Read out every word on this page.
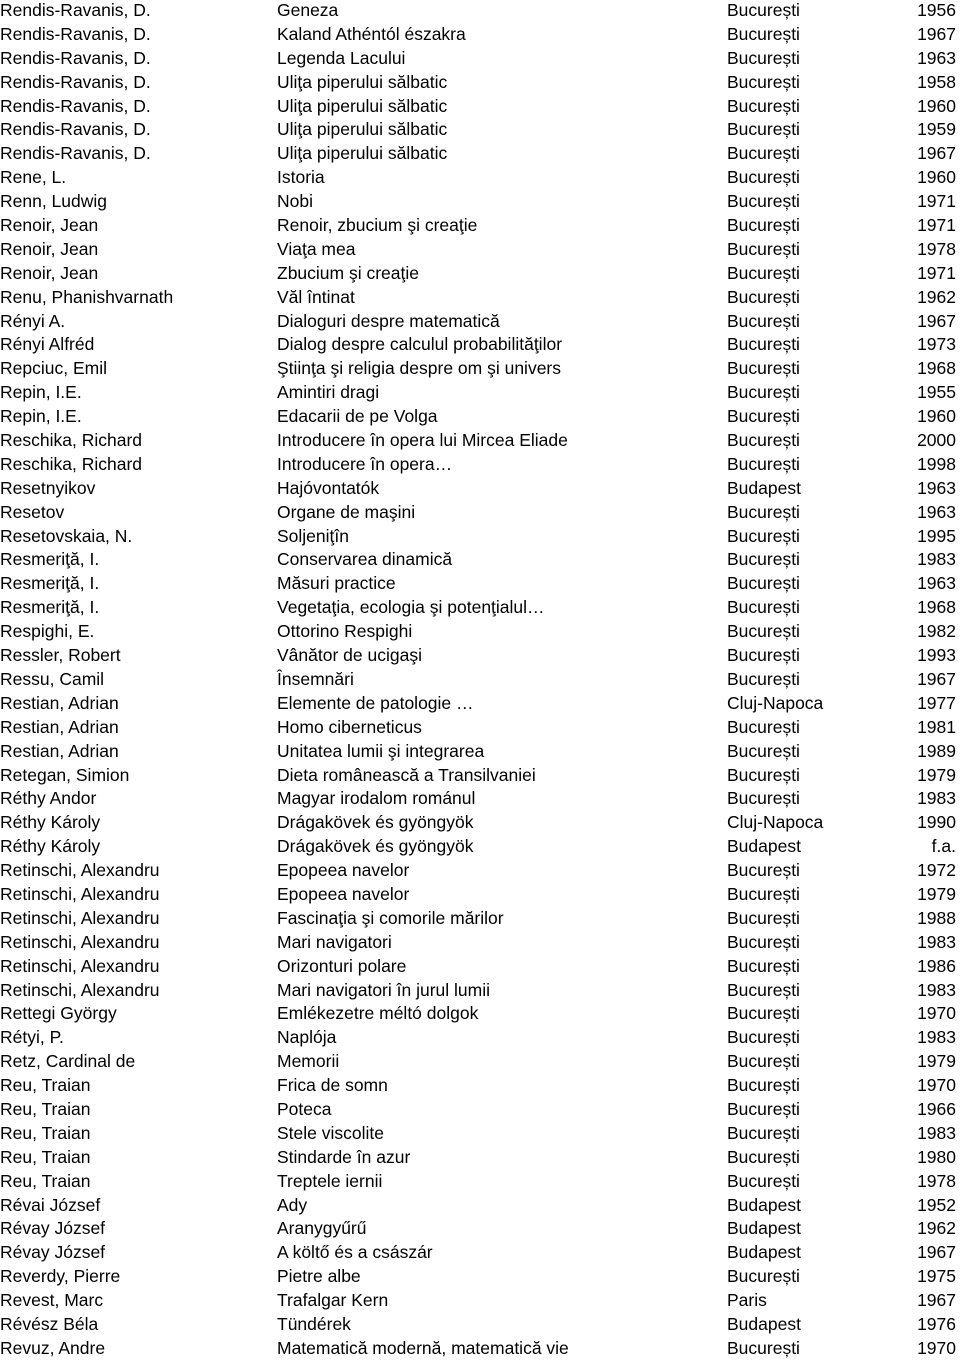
Rendis-Ravanis, D.	Geneza	București	1956
Rendis-Ravanis, D.	Kaland Athéntól északra	București	1967
Rendis-Ravanis, D.	Legenda Lacului	București	1963
Rendis-Ravanis, D.	Uliţa piperului sălbatic	București	1958
Rendis-Ravanis, D.	Uliţa piperului sălbatic	București	1960
Rendis-Ravanis, D.	Uliţa piperului sălbatic	București	1959
Rendis-Ravanis, D.	Uliţa piperului sălbatic	București	1967
Rene, L.	Istoria	București	1960
Renn, Ludwig	Nobi	București	1971
Renoir, Jean	Renoir, zbucium şi creaţie	București	1971
Renoir, Jean	Viaţa mea	București	1978
Renoir, Jean	Zbucium şi creaţie	București	1971
Renu, Phanishvarnath	Văl întinat	București	1962
Rényi A.	Dialoguri despre matematică	București	1967
Rényi Alfréd	Dialog despre calculul probabilităţilor	București	1973
Repciuc, Emil	Ştiinţa şi religia despre om şi univers	București	1968
Repin, I.E.	Amintiri dragi	București	1955
Repin, I.E.	Edacarii de pe Volga	București	1960
Reschika, Richard	Introducere în opera lui Mircea Eliade	București	2000
Reschika, Richard	Introducere în opera…	București	1998
Resetnyikov	Hajóvontatók	Budapest	1963
Resetov	Organe de maşini	București	1963
Resetovskaia, N.	Soljeniţîn	București	1995
Resmeriţă, I.	Conservarea dinamică	București	1983
Resmeriţă, I.	Măsuri practice	București	1963
Resmeriţă, I.	Vegetaţia, ecologia şi potenţialul…	București	1968
Respighi, E.	Ottorino Respighi	București	1982
Ressler, Robert	Vânător de ucigaşi	București	1993
Ressu, Camil	Însemnări	București	1967
Restian, Adrian	Elemente de patologie …	Cluj-Napoca	1977
Restian, Adrian	Homo ciberneticus	București	1981
Restian, Adrian	Unitatea lumii şi integrarea	București	1989
Retegan, Simion	Dieta românească a Transilvaniei	București	1979
Réthy Andor	Magyar irodalom románul	București	1983
Réthy Károly	Drágakövek és gyöngyök	Cluj-Napoca	1990
Réthy Károly	Drágakövek és gyöngyök	Budapest	f.a.
Retinschi, Alexandru	Epopeea navelor	București	1972
Retinschi, Alexandru	Epopeea navelor	București	1979
Retinschi, Alexandru	Fascinaţia şi comorile mărilor	București	1988
Retinschi, Alexandru	Mari navigatori	București	1983
Retinschi, Alexandru	Orizonturi polare	București	1986
Retinschi, Alexandru	Mari navigatori în jurul lumii	București	1983
Rettegi György	Emlékezetre méltó dolgok	București	1970
Rétyi, P.	Naplója	București	1983
Retz, Cardinal de	Memorii	București	1979
Reu, Traian	Frica de somn	București	1970
Reu, Traian	Poteca	București	1966
Reu, Traian	Stele viscolite	București	1983
Reu, Traian	Stindarde în azur	București	1980
Reu, Traian	Treptele iernii	București	1978
Révai József	Ady	Budapest	1952
Révay József	Aranygyűrű	Budapest	1962
Révay József	A költő és a császár	Budapest	1967
Reverdy, Pierre	Pietre albe	București	1975
Revest, Marc	Trafalgar Kern	Paris	1967
Révész Béla	Tündérek	Budapest	1976
Revuz, Andre	Matematică modernă, matematică vie	București	1970
